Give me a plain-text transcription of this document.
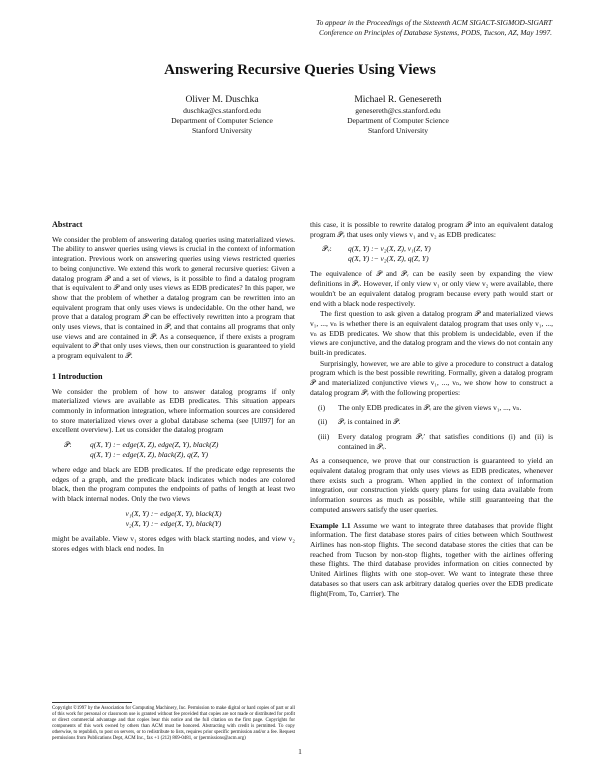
To appear in the Proceedings of the Sixteenth ACM SIGACT-SIGMOD-SIGART
Conference on Principles of Database Systems, PODS, Tucson, AZ, May 1997.
Answering Recursive Queries Using Views
Oliver M. Duschka
duschka@cs.stanford.edu
Department of Computer Science
Stanford University
Michael R. Genesereth
genesereth@cs.stanford.edu
Department of Computer Science
Stanford University
Abstract

We consider the problem of answering datalog queries using materialized views. The ability to answer queries using views is crucial in the context of information integration. Previous work on answering queries using views restricted queries to being conjunctive. We extend this work to general recursive queries: Given a datalog program 𝒫 and a set of views, is it possible to find a datalog program that is equivalent to 𝒫 and only uses views as EDB predicates? In this paper, we show that the problem of whether a datalog program can be rewritten into an equivalent program that only uses views is undecidable. On the other hand, we prove that a datalog program 𝒫 can be effectively rewritten into a program that only uses views, that is contained in 𝒫, and that contains all programs that only use views and are contained in 𝒫. As a consequence, if there exists a program equivalent to 𝒫 that only uses views, then our construction is guaranteed to yield a program equivalent to 𝒫.

1 Introduction

We consider the problem of how to answer datalog programs if only materialized views are available as EDB predicates. This situation appears commonly in information integration, where information sources are considered to store materialized views over a global database schema (see [Ull97] for an excellent overview). Let us consider the datalog program

𝒫: q(X, Y) :− edge(X, Z), edge(Z, Y), black(Z)
q(X, Y) :− edge(X, Z), black(Z), q(Z, Y)

where edge and black are EDB predicates. If the predicate edge represents the edges of a graph, and the predicate black indicates which nodes are colored black, then the program computes the endpoints of paths of length at least two with black internal nodes. Only the two views

v₁(X, Y) :− edge(X, Y), black(X)
v₂(X, Y) :− edge(X, Y), black(Y)

might be available. View v₁ stores edges with black starting nodes, and view v₂ stores edges with black end nodes. In

this case, it is possible to rewrite datalog program 𝒫 into an equivalent datalog program 𝒫ᵥ that uses only views v₁ and v₂ as EDB predicates:

𝒫ᵥ: q(X, Y) :− v₂(X, Z), v₁(Z, Y)
q(X, Y) :− v₂(X, Z), q(Z, Y)

The equivalence of 𝒫 and 𝒫ᵥ can be easily seen by expanding the view definitions in 𝒫ᵥ. However, if only view v₁ or only view v₂ were available, there wouldn't be an equivalent datalog program because every path would start or end with a black node respectively.

The first question to ask given a datalog program 𝒫 and materialized views v₁, ..., vₙ is whether there is an equivalent datalog program that uses only v₁, ..., vₙ as EDB predicates. We show that this problem is undecidable, even if the views are conjunctive, and the datalog program and the views do not contain any built-in predicates.

Surprisingly, however, we are able to give a procedure to construct a datalog program which is the best possible rewriting. Formally, given a datalog program 𝒫 and materialized conjunctive views v₁, ..., vₙ, we show how to construct a datalog program 𝒫ᵥ with the following properties:

(i)	The only EDB predicates in 𝒫ᵥ are the given views v₁, ..., vₙ.
(ii)	𝒫ᵥ is contained in 𝒫.
(iii)	Every datalog program 𝒫ᵥ′ that satisfies conditions (i) and (ii) is contained in 𝒫ᵥ.

As a consequence, we prove that our construction is guaranteed to yield an equivalent datalog program that only uses views as EDB predicates, whenever there exists such a program. When applied in the context of information integration, our construction yields query plans for using data available from information sources as much as possible, while still guaranteeing that the computed answers satisfy the user queries.

Example 1.1 Assume we want to integrate three databases that provide flight information. The first database stores pairs of cities between which Southwest Airlines has non-stop flights. The second database stores the cities that can be reached from Tucson by non-stop flights, together with the airlines offering these flights. The third database provides information on cities connected by United Airlines flights with one stop-over. We want to integrate these three databases so that users can ask arbitrary datalog queries over the EDB predicate flight(From, To, Carrier). The

Copyright ©1997 by the Association for Computing Machinery, Inc. Permission to make digital or hard copies of part or all of this work for personal or classroom use is granted without fee provided that copies are not made or distributed for profit or direct commercial advantage and that copies bear this notice and the full citation on the first page. Copyrights for components of this work owned by others than ACM must be honored. Abstracting with credit is permitted. To copy otherwise, to republish, to post on servers, or to redistribute to lists, requires prior specific permission and/or a fee. Request permissions from Publications Dept, ACM Inc., fax +1 (212) 869-0481, or (permissions@acm.org)
1
